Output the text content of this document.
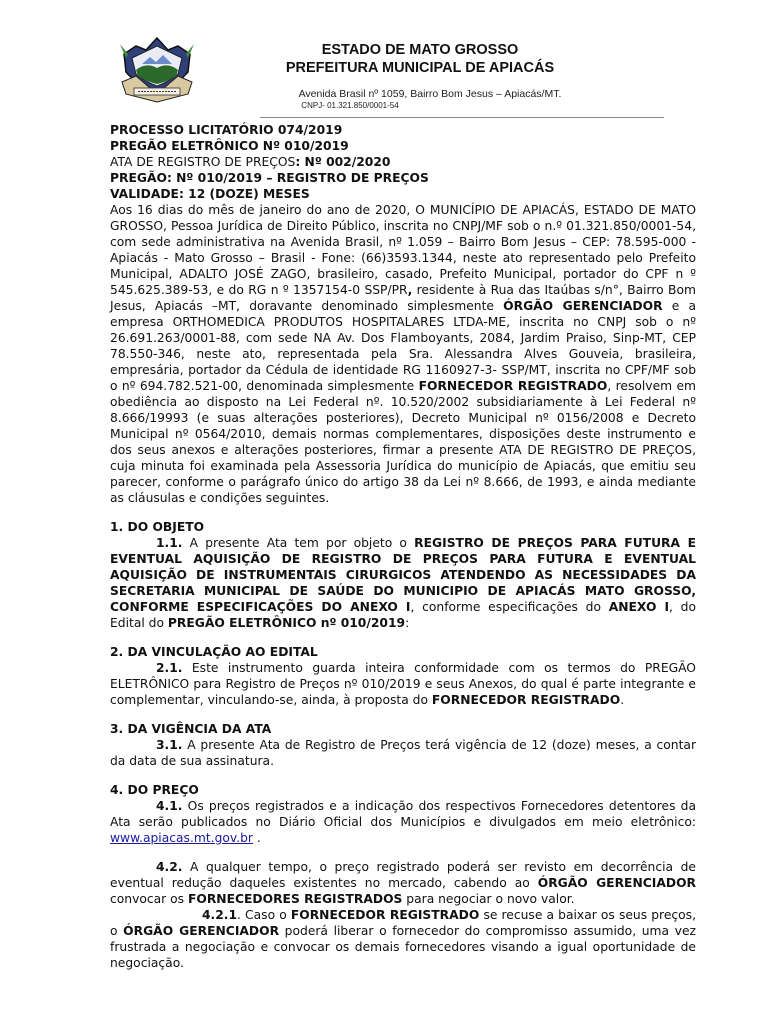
ESTADO DE MATO GROSSO
PREFEITURA MUNICIPAL DE APIACÁS
Avenida Brasil nº 1059, Bairro Bom Jesus – Apiacás/MT.
CNPJ- 01.321.850/0001-54

PROCESSO LICITATÓRIO 074/2019

PREGÃO ELETRÔNICO Nº 010/2019

ATA DE REGISTRO DE PREÇOS: Nº 002/2020

PREGÃO: Nº 010/2019 – REGISTRO DE PREÇOS

VALIDADE: 12 (DOZE) MESES

Aos 16 dias do mês de janeiro do ano de 2020, O MUNICÍPIO DE APIACÁS, ESTADO DE MATO GROSSO, Pessoa Jurídica de Direito Público, inscrita no CNPJ/MF sob o n.º 01.321.850/0001-54, com sede administrativa na Avenida Brasil, nº 1.059 – Bairro Bom Jesus – CEP: 78.595-000 - Apiacás - Mato Grosso – Brasil - Fone: (66)3593.1344, neste ato representado pelo Prefeito Municipal, ADALTO JOSÉ ZAGO, brasileiro, casado, Prefeito Municipal, portador do CPF n º 545.625.389-53, e do RG n º 1357154-0 SSP/PR, residente à Rua das Itaúbas s/n°, Bairro Bom Jesus, Apiacás –MT, doravante denominado simplesmente ÓRGÃO GERENCIADOR e a empresa ORTHOMEDICA PRODUTOS HOSPITALARES LTDA-ME, inscrita no CNPJ sob o nº 26.691.263/0001-88, com sede NA Av. Dos Flamboyants, 2084, Jardim Praiso, Sinp-MT, CEP 78.550-346, neste ato, representada pela Sra. Alessandra Alves Gouveia, brasileira, empresária, portador da Cédula de identidade RG 1160927-3- SSP/MT, inscrita no CPF/MF sob o nº 694.782.521-00, denominada simplesmente FORNECEDOR REGISTRADO, resolvem em obediência ao disposto na Lei Federal nº. 10.520/2002 subsidiariamente à Lei Federal nº 8.666/19993 (e suas alterações posteriores), Decreto Municipal nº 0156/2008 e Decreto Municipal nº 0564/2010, demais normas complementares, disposições deste instrumento e dos seus anexos e alterações posteriores, firmar a presente ATA DE REGISTRO DE PREÇOS, cuja minuta foi examinada pela Assessoria Jurídica do município de Apiacás, que emitiu seu parecer, conforme o parágrafo único do artigo 38 da Lei nº 8.666, de 1993, e ainda mediante as cláusulas e condições seguintes.

1. DO OBJETO

1.1. A presente Ata tem por objeto o REGISTRO DE PREÇOS PARA FUTURA E EVENTUAL AQUISIÇÃO DE REGISTRO DE PREÇOS PARA FUTURA E EVENTUAL AQUISIÇÃO DE INSTRUMENTAIS CIRURGICOS ATENDENDO AS NECESSIDADES DA SECRETARIA MUNICIPAL DE SAÚDE DO MUNICIPIO DE APIACÁS MATO GROSSO, CONFORME ESPECIFICAÇÕES DO ANEXO I, conforme especificações do ANEXO I, do Edital do PREGÃO ELETRÔNICO nº 010/2019:

2. DA VINCULAÇÃO AO EDITAL

2.1. Este instrumento guarda inteira conformidade com os termos do PREGÃO ELETRÔNICO para Registro de Preços nº 010/2019 e seus Anexos, do qual é parte integrante e complementar, vinculando-se, ainda, à proposta do FORNECEDOR REGISTRADO.

3. DA VIGÊNCIA DA ATA

3.1. A presente Ata de Registro de Preços terá vigência de 12 (doze) meses, a contar da data de sua assinatura.

4. DO PREÇO

4.1. Os preços registrados e a indicação dos respectivos Fornecedores detentores da Ata serão publicados no Diário Oficial dos Municípios e divulgados em meio eletrônico: www.apiacas.mt.gov.br .

4.2. A qualquer tempo, o preço registrado poderá ser revisto em decorrência de eventual redução daqueles existentes no mercado, cabendo ao ÓRGÃO GERENCIADOR convocar os FORNECEDORES REGISTRADOS para negociar o novo valor.

4.2.1. Caso o FORNECEDOR REGISTRADO se recuse a baixar os seus preços, o ÓRGÃO GERENCIADOR poderá liberar o fornecedor do compromisso assumido, uma vez frustrada a negociação e convocar os demais fornecedores visando a igual oportunidade de negociação.
